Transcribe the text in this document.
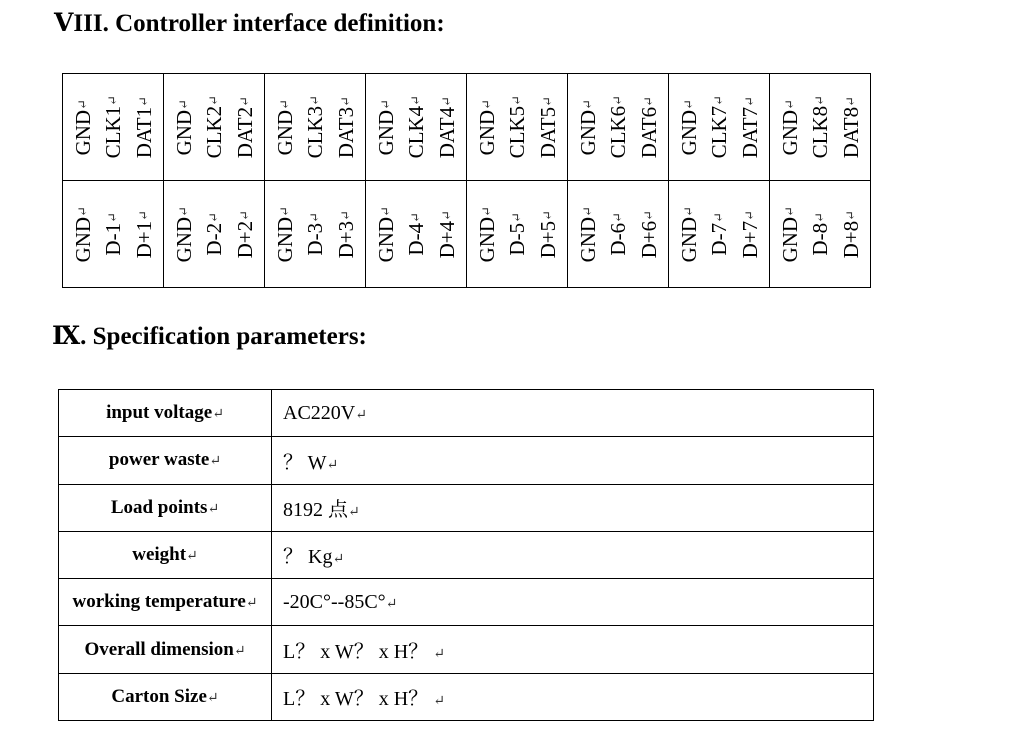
ⅤIII. Controller interface definition:
GND↵
CLK1↵
DAT1↵	GND↵
CLK2↵
DAT2↵	GND↵
CLK3↵
DAT3↵	GND↵
CLK4↵
DAT4↵	GND↵
CLK5↵
DAT5↵	GND↵
CLK6↵
DAT6↵	GND↵
CLK7↵
DAT7↵	GND↵
CLK8↵
DAT8↵

GND↵
D-1↵
D+1↵	GND↵
D-2↵
D+2↵	GND↵
D-3↵
D+3↵	GND↵
D-4↵
D+4↵	GND↵
D-5↵
D+5↵	GND↵
D-6↵
D+6↵	GND↵
D-7↵
D+7↵	GND↵
D-8↵
D+8↵
Ⅸ. Specification parameters:
input voltage↵	AC220V↵
power waste↵	？ W↵
Load points↵	8192 点↵
weight↵	？ Kg↵
working temperature↵	-20C°--85C°↵
Overall dimension↵	L？ x W？ x H？ ↵
Carton Size↵	L？ x W？ x H？ ↵
